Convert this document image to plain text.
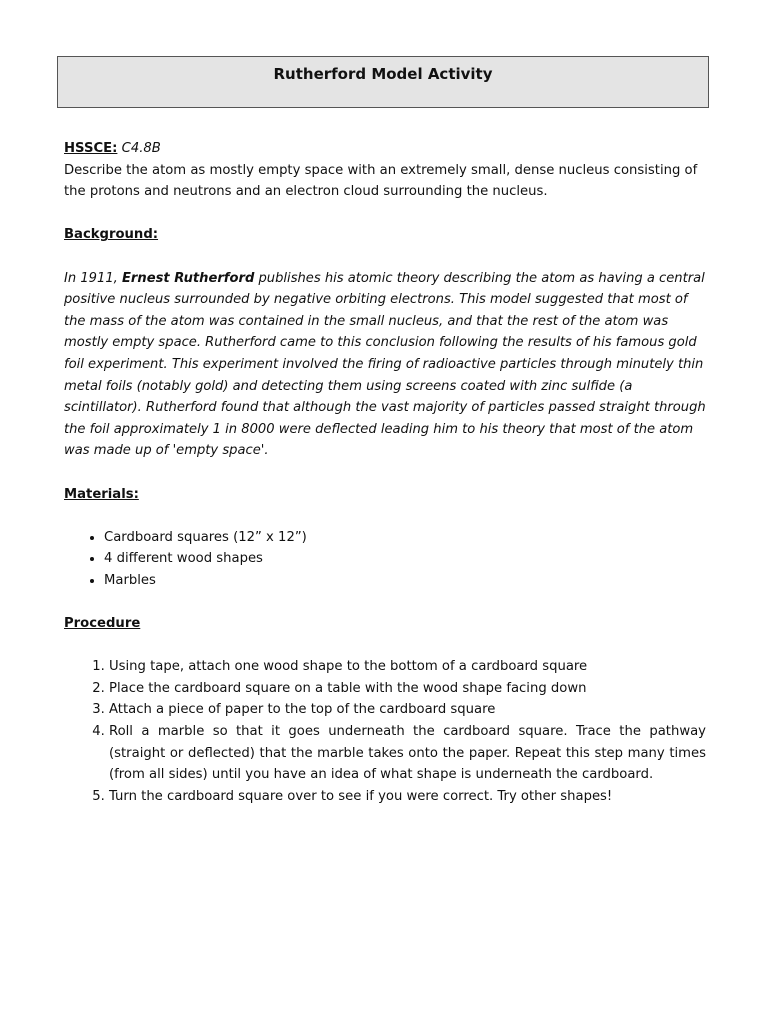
Rutherford Model Activity

HSSCE: C4.8B

Describe the atom as mostly empty space with an extremely small, dense nucleus consisting of the protons and neutrons and an electron cloud surrounding the nucleus.

Background:

In 1911, Ernest Rutherford publishes his atomic theory describing the atom as having a central positive nucleus surrounded by negative orbiting electrons. This model suggested that most of the mass of the atom was contained in the small nucleus, and that the rest of the atom was mostly empty space. Rutherford came to this conclusion following the results of his famous gold foil experiment. This experiment involved the firing of radioactive particles through minutely thin metal foils (notably gold) and detecting them using screens coated with zinc sulfide (a scintillator). Rutherford found that although the vast majority of particles passed straight through the foil approximately 1 in 8000 were deflected leading him to his theory that most of the atom was made up of 'empty space'.

Materials:

• Cardboard squares (12” x 12”)
• 4 different wood shapes
• Marbles

Procedure

1. Using tape, attach one wood shape to the bottom of a cardboard square
2. Place the cardboard square on a table with the wood shape facing down
3. Attach a piece of paper to the top of the cardboard square
4. Roll a marble so that it goes underneath the cardboard square. Trace the pathway (straight or deflected) that the marble takes onto the paper. Repeat this step many times (from all sides) until you have an idea of what shape is underneath the cardboard.
5. Turn the cardboard square over to see if you were correct. Try other shapes!
